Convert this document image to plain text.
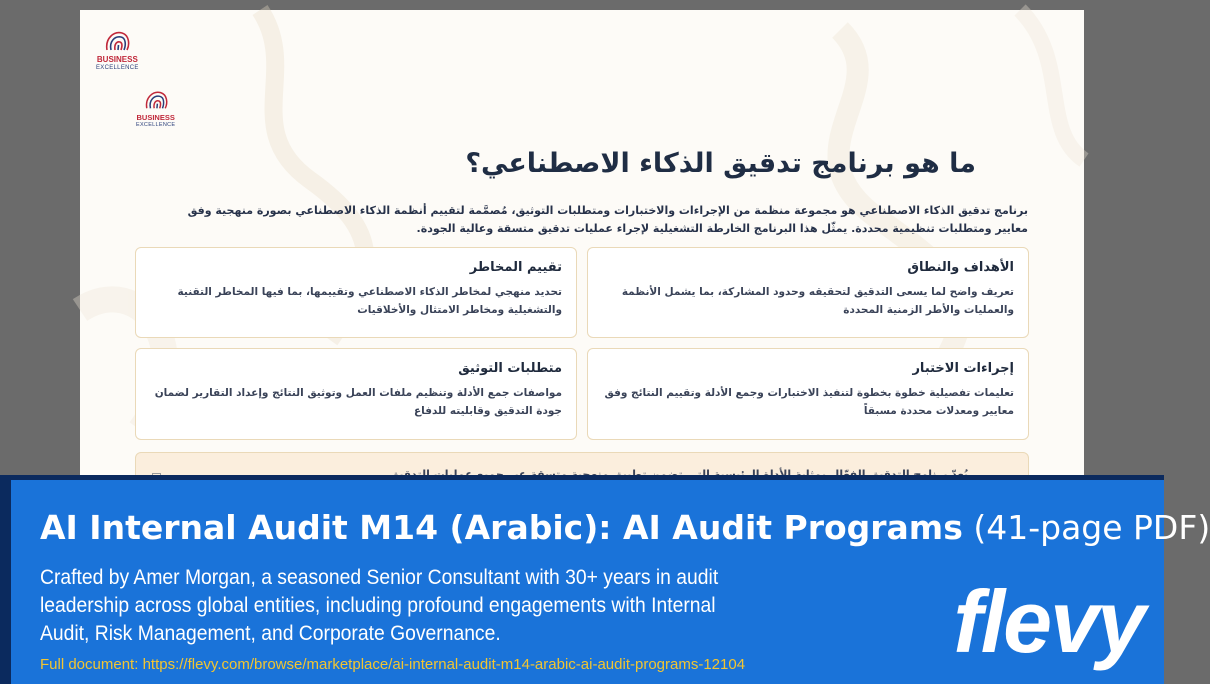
BUSINESS
EXCELLENCE
BUSINESS
EXCELLENCE
ما هو برنامج تدقيق الذكاء الاصطناعي؟

برنامج تدقيق الذكاء الاصطناعي هو مجموعة منظمة من الإجراءات والاختبارات ومتطلبات التوثيق، مُصمَّمة لتقييم أنظمة الذكاء الاصطناعي بصورة منهجية وفق معايير ومتطلبات تنظيمية محددة. يمثّل هذا البرنامج الخارطة التشغيلية لإجراء عمليات تدقيق متسقة وعالية الجودة.

الأهداف والنطاق

تعريف واضح لما يسعى التدقيق لتحقيقه وحدود المشاركة، بما يشمل الأنظمة والعمليات والأطر الزمنية المحددة

تقييم المخاطر

تحديد منهجي لمخاطر الذكاء الاصطناعي وتقييمها، بما فيها المخاطر التقنية والتشغيلية ومخاطر الامتثال والأخلاقيات

إجراءات الاختبار

تعليمات تفصيلية خطوة بخطوة لتنفيذ الاختبارات وجمع الأدلة وتقييم النتائج وفق معايير ومعدلات محددة مسبقاً

متطلبات التوثيق

مواصفات جمع الأدلة وتنظيم ملفات العمل وتوثيق النتائج وإعداد التقارير لضمان جودة التدقيق وقابليته للدفاع

AI Internal Audit M14 (Arabic): AI Audit Programs (41-page PDF)

Crafted by Amer Morgan, a seasoned Senior Consultant with 30+ years in audit leadership across global entities, including profound engagements with Internal Audit, Risk Management, and Corporate Governance.

Full document: https://flevy.com/browse/marketplace/ai-internal-audit-m14-arabic-ai-audit-programs-12104 flevy
